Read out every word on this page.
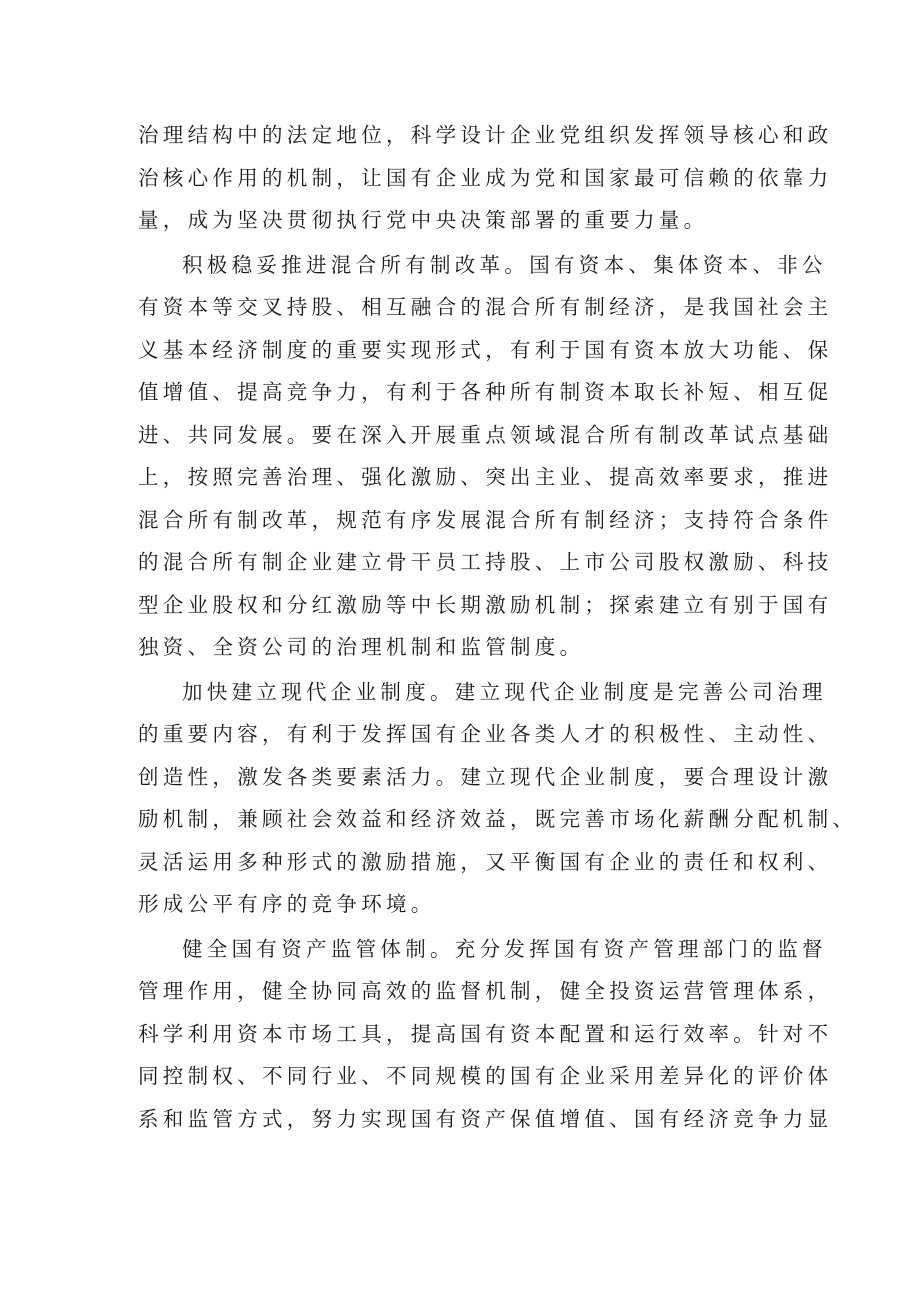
治理结构中的法定地位，科学设计企业党组织发挥领导核心和政
治核心作用的机制，让国有企业成为党和国家最可信赖的依靠力
量，成为坚决贯彻执行党中央决策部署的重要力量。
积极稳妥推进混合所有制改革。国有资本、集体资本、非公
有资本等交叉持股、相互融合的混合所有制经济，是我国社会主
义基本经济制度的重要实现形式，有利于国有资本放大功能、保
值增值、提高竞争力，有利于各种所有制资本取长补短、相互促
进、共同发展。要在深入开展重点领域混合所有制改革试点基础
上，按照完善治理、强化激励、突出主业、提高效率要求，推进
混合所有制改革，规范有序发展混合所有制经济；支持符合条件
的混合所有制企业建立骨干员工持股、上市公司股权激励、科技
型企业股权和分红激励等中长期激励机制；探索建立有别于国有
独资、全资公司的治理机制和监管制度。
加快建立现代企业制度。建立现代企业制度是完善公司治理
的重要内容，有利于发挥国有企业各类人才的积极性、主动性、
创造性，激发各类要素活力。建立现代企业制度，要合理设计激
励机制，兼顾社会效益和经济效益，既完善市场化薪酬分配机制、
灵活运用多种形式的激励措施，又平衡国有企业的责任和权利、
形成公平有序的竞争环境。
健全国有资产监管体制。充分发挥国有资产管理部门的监督
管理作用，健全协同高效的监督机制，健全投资运营管理体系，
科学利用资本市场工具，提高国有资本配置和运行效率。针对不
同控制权、不同行业、不同规模的国有企业采用差异化的评价体
系和监管方式，努力实现国有资产保值增值、国有经济竞争力显
